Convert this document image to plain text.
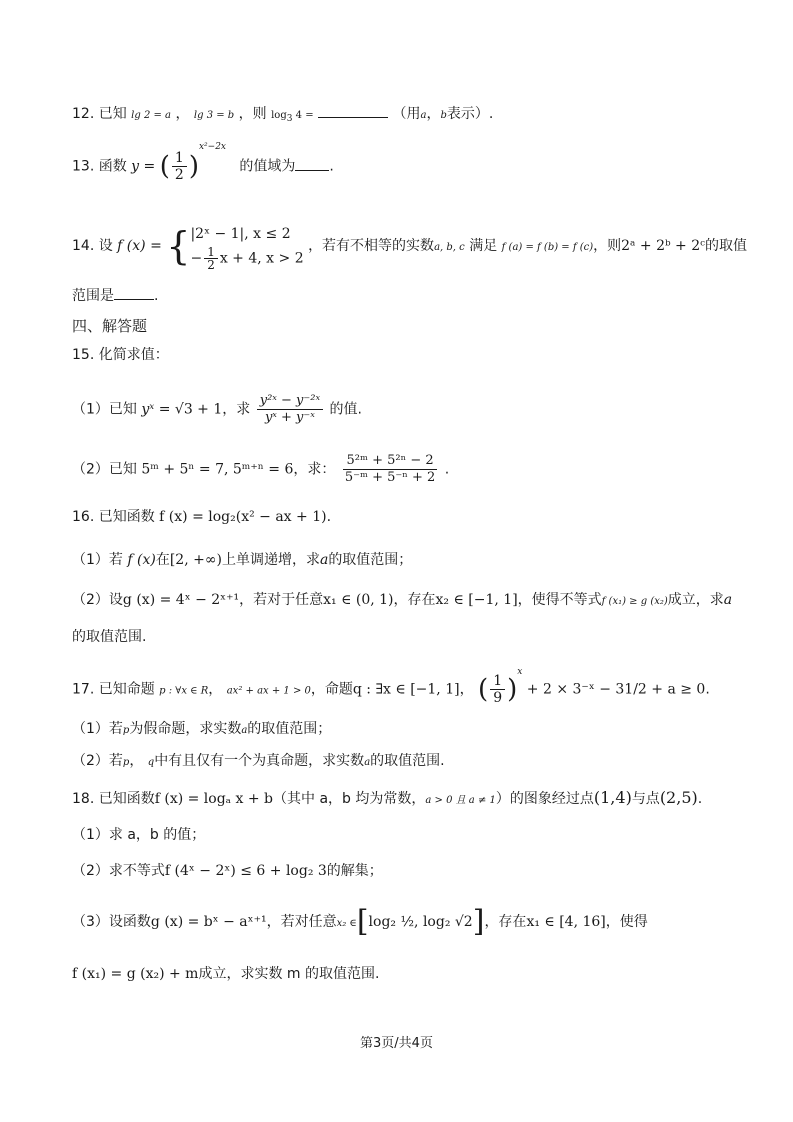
12. 已知 lg 2 = a ， lg 3 = b ，则 $\log_3 4$ =	（用a，b表示）.
13. 函数 y = ( $\frac{1}{2} )^{x^2-2x}$   的值域为 .
14. 设 f (x) = { |2ˣ − 1|, x ≤ 2
− $\frac{1}{2}$ x + 4, x > 2
，若有不相等的实数a, b, c 满足 f (a) = f (b) = f (c)，则2ᵃ + 2ᵇ + 2ᶜ的取值
范围是	.
四、解答题
15. 化简求值：
（1）已知 yˣ = √3 + 1，求 $\frac{\text{y²ˣ − y⁻²ˣ}}{\text{yˣ + y⁻ˣ}}$ 的值.
（2）已知 5ᵐ + 5ⁿ = 7, 5ᵐ⁺ⁿ = 6，求： $\frac{\text{5²ᵐ + 5²ⁿ − 2}}{\text{5⁻ᵐ + 5⁻ⁿ + 2}}$ .
16. 已知函数 f (x) = log₂(x² − ax + 1).
（1）若 f (x)在[2, +∞)上单调递增，求a的取值范围；
（2）设g (x) = 4ˣ − 2ˣ⁺¹，若对于任意x₁ ∈ (0, 1)，存在x₂ ∈ [−1, 1]，使得不等式f (x₁) ≥ g (x₂)成立，求a
的取值范围.
17. 已知命题 p : ∀x ∈ R， ax² + ax + 1 > 0，命题q : ∃x ∈ [−1, 1]， ( $\frac{1}{9} )^x + 2$ × 3⁻ˣ − 31/2 + a ≥ 0.
（1）若p为假命题，求实数a的取值范围；
（2）若p， q中有且仅有一个为真命题，求实数a的取值范围.
18. 已知函数f (x) = logₐ x + b（其中 a，b 均为常数，a > 0 且 a ≠ 1）的图象经过点(1,4)与点(2,5).
（1）求 a，b 的值；
（2）求不等式f (4ˣ − 2ˣ) ≤ 6 + log₂ 3的解集；
（3）设函数g (x) = bˣ − aˣ⁺¹，若对任意x₂ ∈[log₂ ½, log₂ √2]，存在x₁ ∈ [4, 16]，使得
f (x₁) = g (x₂) + m成立，求实数 m 的取值范围.
第3页/共4页
